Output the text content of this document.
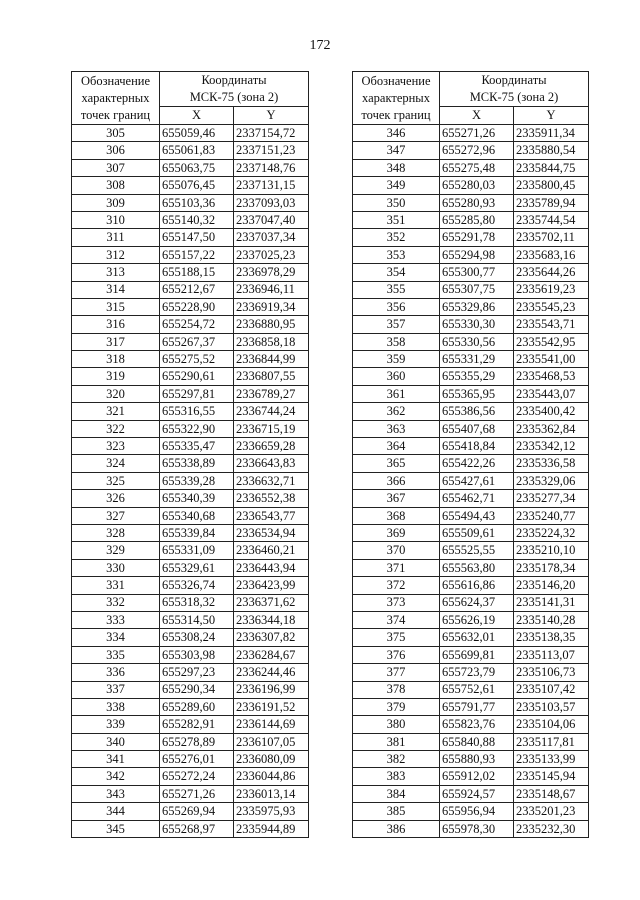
172
Обозначение
характерных
точек границ	Координаты
МСК-75 (зона 2)	

	X	Y
305	655059,46	2337154,72
306	655061,83	2337151,23
307	655063,75	2337148,76
308	655076,45	2337131,15
309	655103,36	2337093,03
310	655140,32	2337047,40
311	655147,50	2337037,34
312	655157,22	2337025,23
313	655188,15	2336978,29
314	655212,67	2336946,11
315	655228,90	2336919,34
316	655254,72	2336880,95
317	655267,37	2336858,18
318	655275,52	2336844,99
319	655290,61	2336807,55
320	655297,81	2336789,27
321	655316,55	2336744,24
322	655322,90	2336715,19
323	655335,47	2336659,28
324	655338,89	2336643,83
325	655339,28	2336632,71
326	655340,39	2336552,38
327	655340,68	2336543,77
328	655339,84	2336534,94
329	655331,09	2336460,21
330	655329,61	2336443,94
331	655326,74	2336423,99
332	655318,32	2336371,62
333	655314,50	2336344,18
334	655308,24	2336307,82
335	655303,98	2336284,67
336	655297,23	2336244,46
337	655290,34	2336196,99
338	655289,60	2336191,52
339	655282,91	2336144,69
340	655278,89	2336107,05
341	655276,01	2336080,09
342	655272,24	2336044,86
343	655271,26	2336013,14
344	655269,94	2335975,93
345	655268,97	2335944,89
Обозначение
характерных
точек границ	Координаты
МСК-75 (зона 2)	

	X	Y
346	655271,26	2335911,34
347	655272,96	2335880,54
348	655275,48	2335844,75
349	655280,03	2335800,45
350	655280,93	2335789,94
351	655285,80	2335744,54
352	655291,78	2335702,11
353	655294,98	2335683,16
354	655300,77	2335644,26
355	655307,75	2335619,23
356	655329,86	2335545,23
357	655330,30	2335543,71
358	655330,56	2335542,95
359	655331,29	2335541,00
360	655355,29	2335468,53
361	655365,95	2335443,07
362	655386,56	2335400,42
363	655407,68	2335362,84
364	655418,84	2335342,12
365	655422,26	2335336,58
366	655427,61	2335329,06
367	655462,71	2335277,34
368	655494,43	2335240,77
369	655509,61	2335224,32
370	655525,55	2335210,10
371	655563,80	2335178,34
372	655616,86	2335146,20
373	655624,37	2335141,31
374	655626,19	2335140,28
375	655632,01	2335138,35
376	655699,81	2335113,07
377	655723,79	2335106,73
378	655752,61	2335107,42
379	655791,77	2335103,57
380	655823,76	2335104,06
381	655840,88	2335117,81
382	655880,93	2335133,99
383	655912,02	2335145,94
384	655924,57	2335148,67
385	655956,94	2335201,23
386	655978,30	2335232,30
